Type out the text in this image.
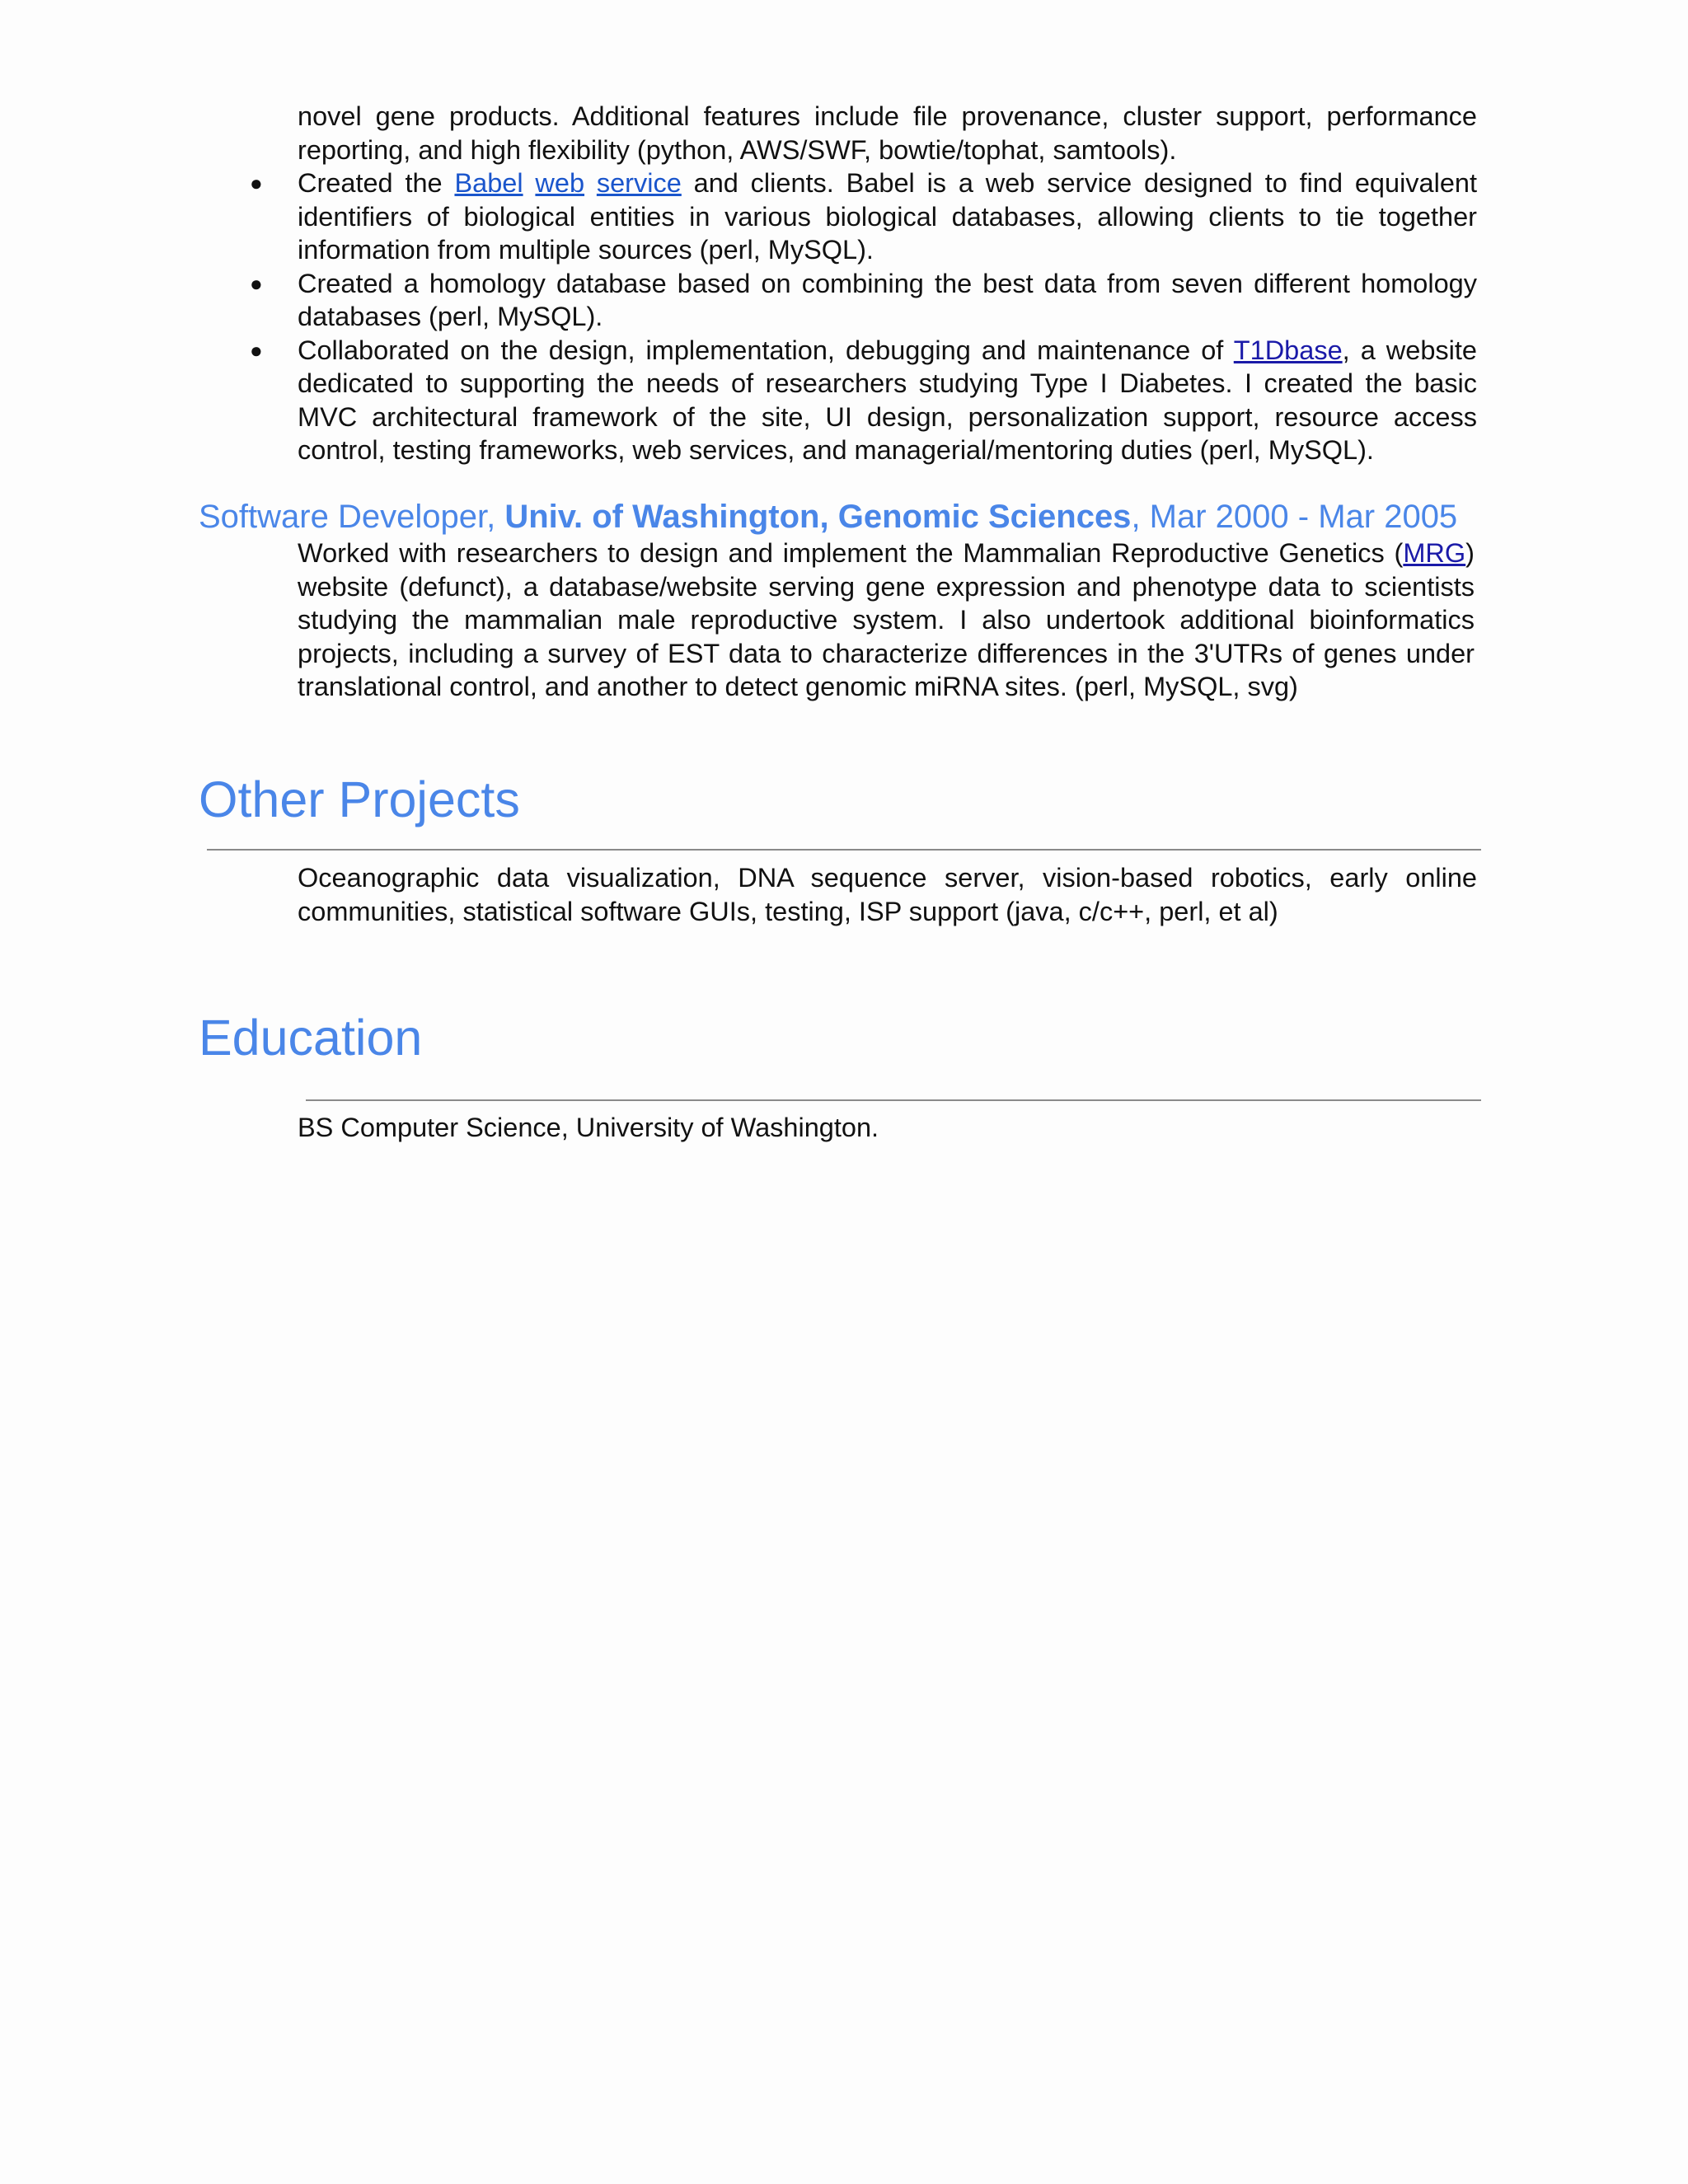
novel gene products. Additional features include file provenance, cluster support, performance reporting, and high flexibility (python, AWS/SWF, bowtie/tophat, samtools).

●	Created the Babel web service and clients. Babel is a web service designed to find equivalent identifiers of biological entities in various biological databases, allowing clients to tie together information from multiple sources (perl, MySQL).
●	Created a homology database based on combining the best data from seven different homology databases (perl, MySQL).
●	Collaborated on the design, implementation, debugging and maintenance of T1Dbase, a website dedicated to supporting the needs of researchers studying Type I Diabetes. I created the basic MVC architectural framework of the site, UI design, personalization support, resource access control, testing frameworks, web services, and managerial/mentoring duties (perl, MySQL).
Software Developer, Univ. of Washington, Genomic Sciences, Mar 2000 - Mar 2005

Worked with researchers to design and implement the Mammalian Reproductive Genetics (MRG) website (defunct), a database/website serving gene expression and phenotype data to scientists studying the mammalian male reproductive system. I also undertook additional bioinformatics projects, including a survey of EST data to characterize differences in the 3'UTRs of genes under translational control, and another to detect genomic miRNA sites. (perl, MySQL, svg)

Other Projects

Oceanographic data visualization, DNA sequence server, vision-based robotics, early online communities, statistical software GUIs, testing, ISP support (java, c/c++, perl, et al)

Education

BS Computer Science, University of Washington.
